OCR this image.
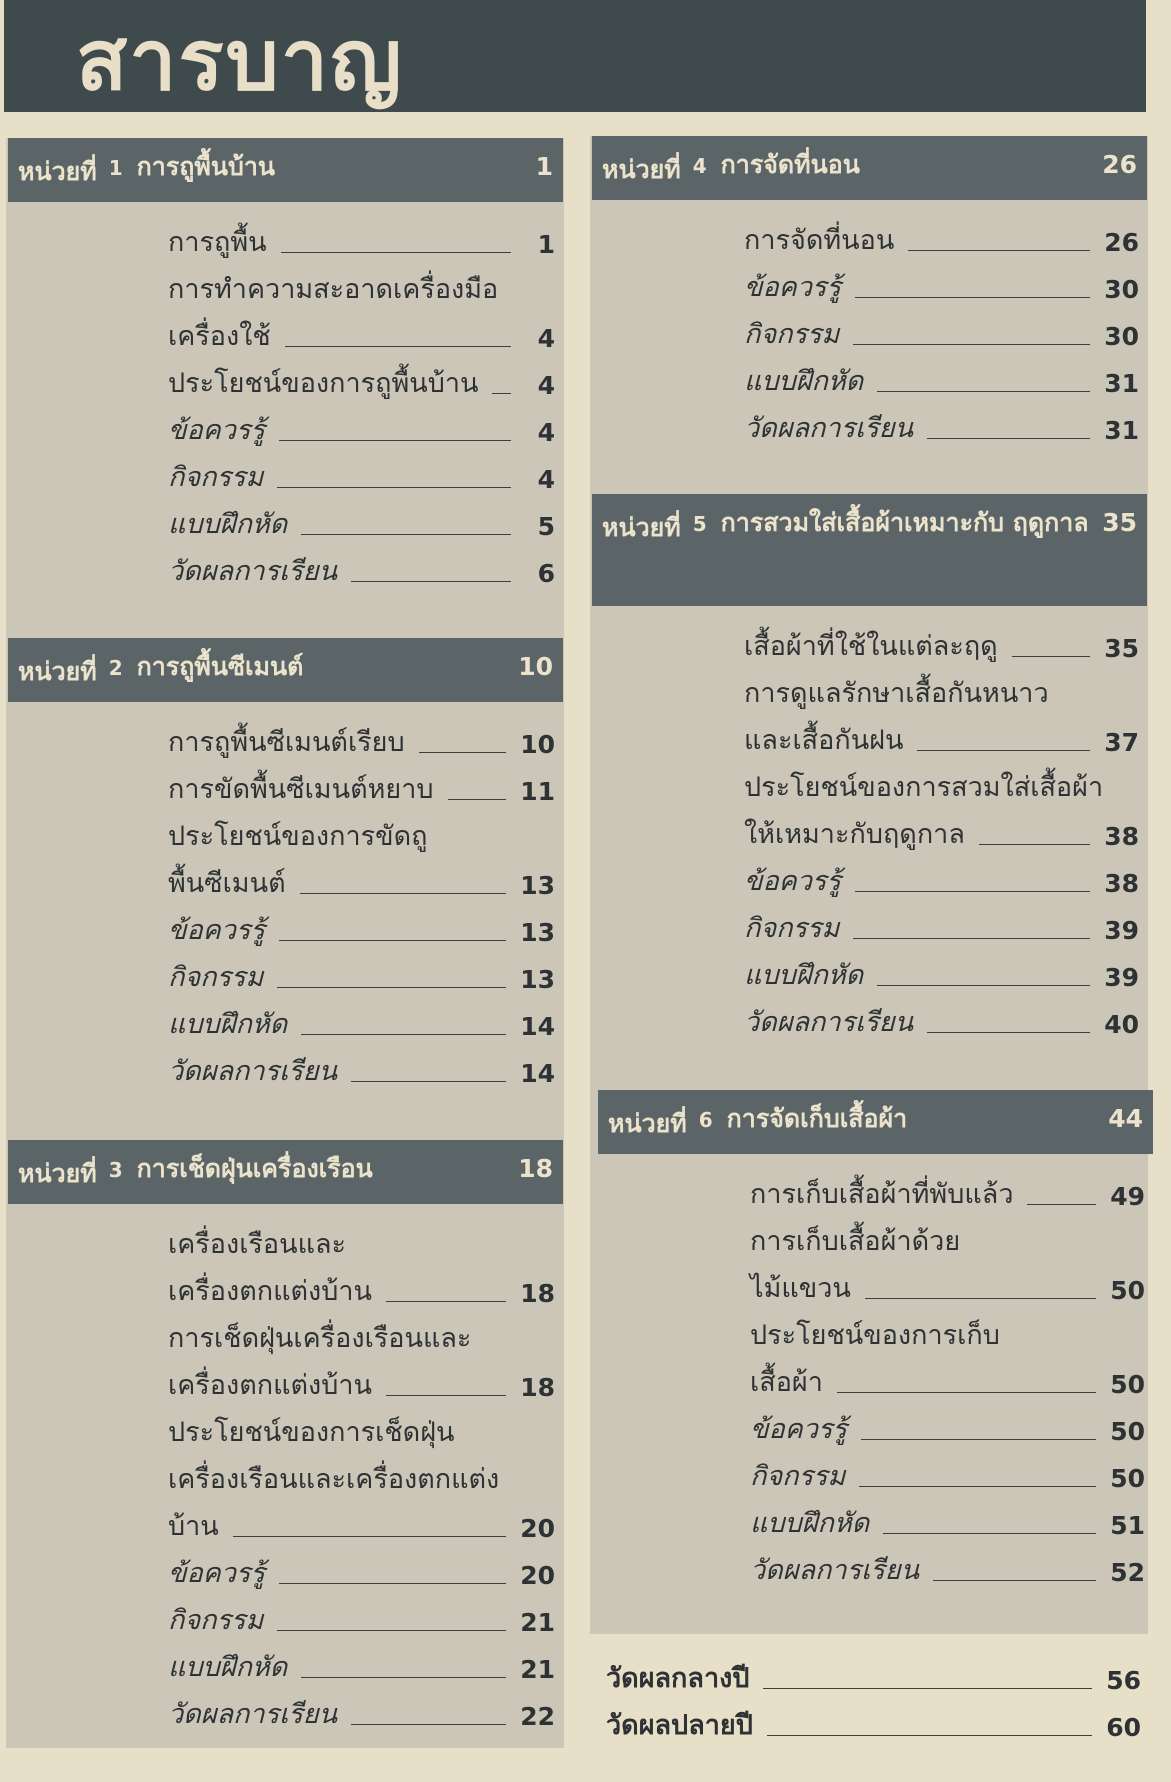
สารบาญ
หน่วยที่ 1 การถูพื้นบ้าน	1
การถูพื้น	1
การทำความสะอาดเครื่องมือ
เครื่องใช้	4
ประโยชน์ของการถูพื้นบ้าน	4
ข้อควรรู้	4
กิจกรรม	4
แบบฝึกหัด	5
วัดผลการเรียน	6
หน่วยที่ 2 การถูพื้นซีเมนต์	10
การถูพื้นซีเมนต์เรียบ	10
การขัดพื้นซีเมนต์หยาบ	11
ประโยชน์ของการขัดถู
พื้นซีเมนต์	13
ข้อควรรู้	13
กิจกรรม	13
แบบฝึกหัด	14
วัดผลการเรียน	14
หน่วยที่ 3 การเช็ดฝุ่นเครื่องเรือน	18
เครื่องเรือนและ
เครื่องตกแต่งบ้าน	18
การเช็ดฝุ่นเครื่องเรือนและ
เครื่องตกแต่งบ้าน	18
ประโยชน์ของการเช็ดฝุ่น
เครื่องเรือนและเครื่องตกแต่ง
บ้าน	20
ข้อควรรู้	20
กิจกรรม	21
แบบฝึกหัด	21
วัดผลการเรียน	22
หน่วยที่ 4 การจัดที่นอน	26
การจัดที่นอน	26
ข้อควรรู้	30
กิจกรรม	30
แบบฝึกหัด	31
วัดผลการเรียน	31
หน่วยที่ 5 การสวมใส่เสื้อผ้าเหมาะกับ ฤดูกาล 35
เสื้อผ้าที่ใช้ในแต่ละฤดู	35
การดูแลรักษาเสื้อกันหนาว
และเสื้อกันฝน	37
ประโยชน์ของการสวมใส่เสื้อผ้า
ให้เหมาะกับฤดูกาล	38
ข้อควรรู้	38
กิจกรรม	39
แบบฝึกหัด	39
วัดผลการเรียน	40
หน่วยที่ 6 การจัดเก็บเสื้อผ้า	44
การเก็บเสื้อผ้าที่พับแล้ว	49
การเก็บเสื้อผ้าด้วย
ไม้แขวน	50
ประโยชน์ของการเก็บ
เสื้อผ้า	50
ข้อควรรู้	50
กิจกรรม	50
แบบฝึกหัด	51
วัดผลการเรียน	52
วัดผลกลางปี	56
วัดผลปลายปี	60
